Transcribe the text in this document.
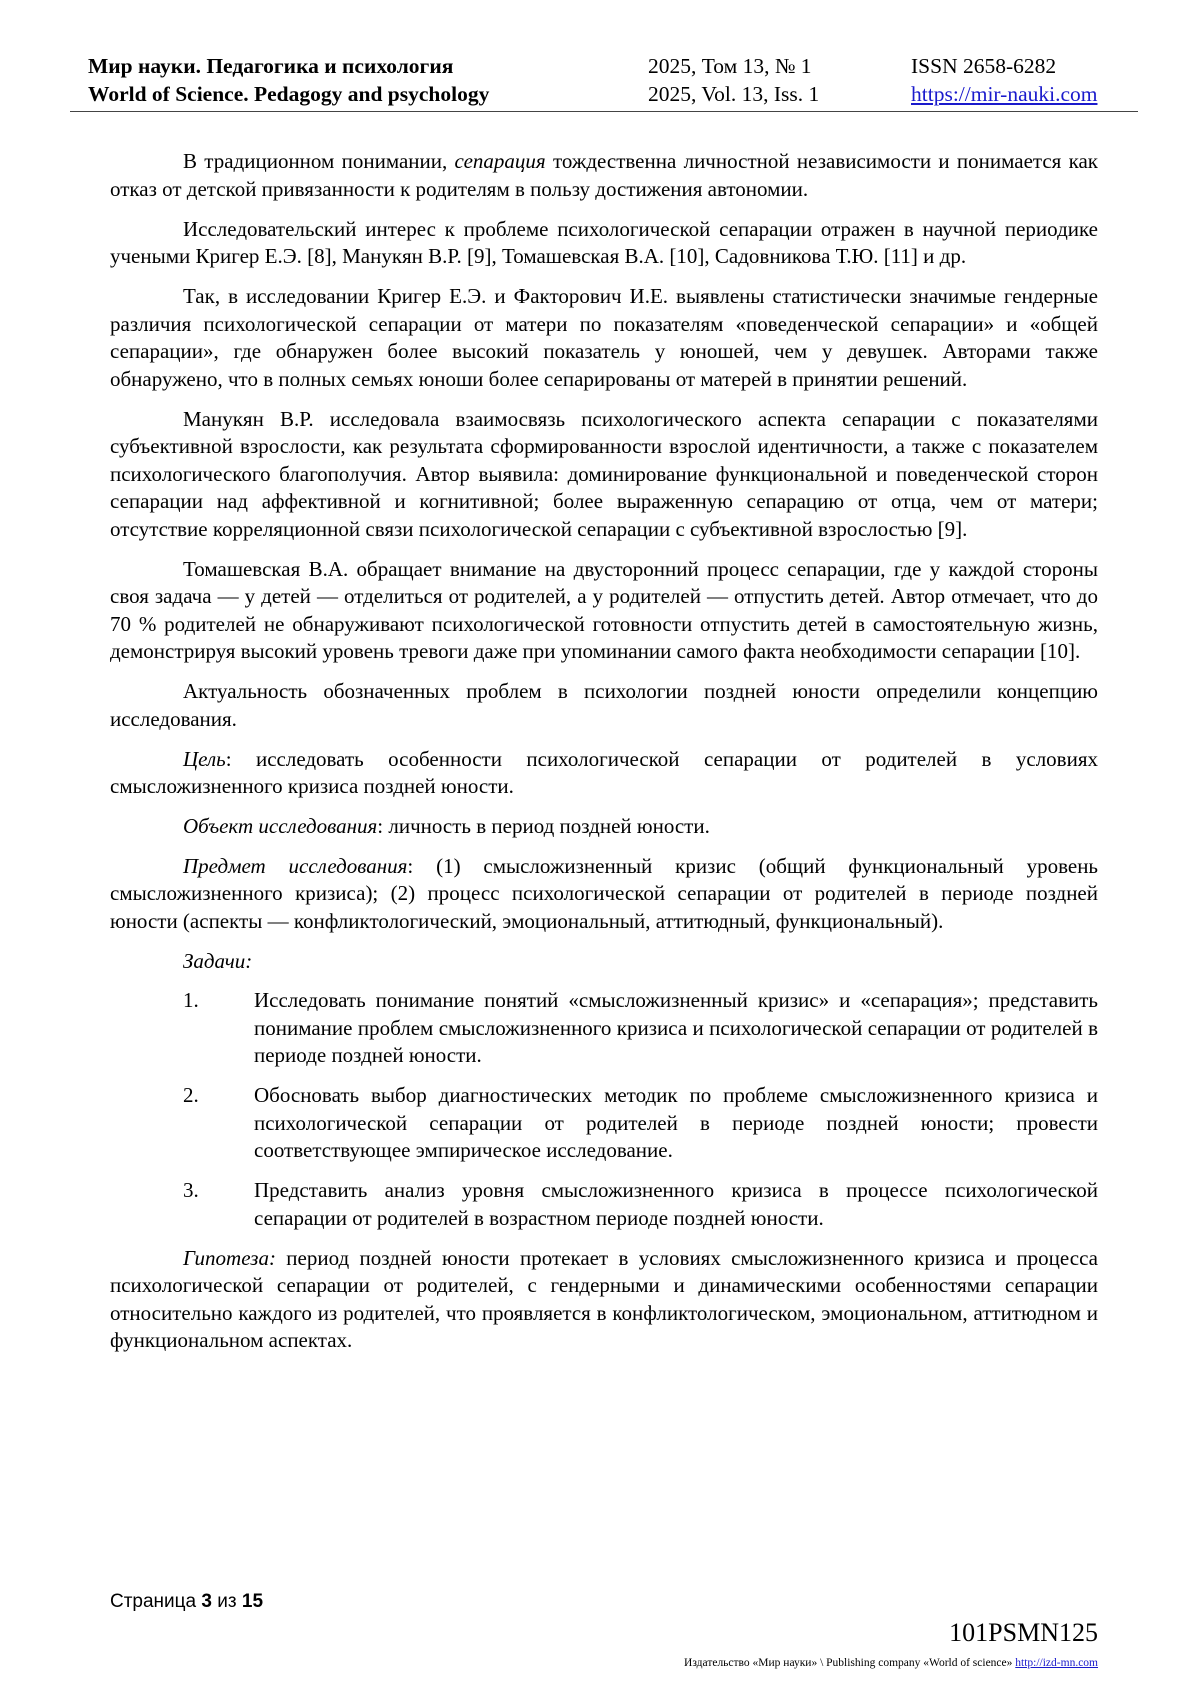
Мир науки. Педагогика и психология
World of Science. Pedagogy and psychology
2025, Том 13, № 1
2025, Vol. 13, Iss. 1
ISSN 2658-6282
https://mir-nauki.com

В традиционном понимании, сепарация тождественна личностной независимости и понимается как отказ от детской привязанности к родителям в пользу достижения автономии.

Исследовательский интерес к проблеме психологической сепарации отражен в научной периодике учеными Кригер Е.Э. [8], Манукян В.Р. [9], Томашевская В.А. [10], Садовникова Т.Ю. [11] и др.

Так, в исследовании Кригер Е.Э. и Факторович И.Е. выявлены статистически значимые гендерные различия психологической сепарации от матери по показателям «поведенческой сепарации» и «общей сепарации», где обнаружен более высокий показатель у юношей, чем у девушек. Авторами также обнаружено, что в полных семьях юноши более сепарированы от матерей в принятии решений.

Манукян В.Р. исследовала взаимосвязь психологического аспекта сепарации с показателями субъективной взрослости, как результата сформированности взрослой идентичности, а также с показателем психологического благополучия. Автор выявила: доминирование функциональной и поведенческой сторон сепарации над аффективной и когнитивной; более выраженную сепарацию от отца, чем от матери; отсутствие корреляционной связи психологической сепарации с субъективной взрослостью [9].

Томашевская В.А. обращает внимание на двусторонний процесс сепарации, где у каждой стороны своя задача — у детей — отделиться от родителей, а у родителей — отпустить детей. Автор отмечает, что до 70 % родителей не обнаруживают психологической готовности отпустить детей в самостоятельную жизнь, демонстрируя высокий уровень тревоги даже при упоминании самого факта необходимости сепарации [10].

Актуальность обозначенных проблем в психологии поздней юности определили концепцию исследования.

Цель: исследовать особенности психологической сепарации от родителей в условиях смысложизненного кризиса поздней юности.

Объект исследования: личность в период поздней юности.

Предмет исследования: (1) смысложизненный кризис (общий функциональный уровень смысложизненного кризиса); (2) процесс психологической сепарации от родителей в периоде поздней юности (аспекты — конфликтологический, эмоциональный, аттитюдный, функциональный).

Задачи:

1.	Исследовать понимание понятий «смысложизненный кризис» и «сепарация»; представить понимание проблем смысложизненного кризиса и психологической сепарации от родителей в периоде поздней юности.
2.	Обосновать выбор диагностических методик по проблеме смысложизненного кризиса и психологической сепарации от родителей в периоде поздней юности; провести соответствующее эмпирическое исследование.
3.	Представить анализ уровня смысложизненного кризиса в процессе психологической сепарации от родителей в возрастном периоде поздней юности.

Гипотеза: период поздней юности протекает в условиях смысложизненного кризиса и процесса психологической сепарации от родителей, с гендерными и динамическими особенностями сепарации относительно каждого из родителей, что проявляется в конфликтологическом, эмоциональном, аттитюдном и функциональном аспектах.

Страница 3 из 15
101PSMN125
Издательство «Мир науки» \ Publishing company «World of science» http://izd-mn.com
